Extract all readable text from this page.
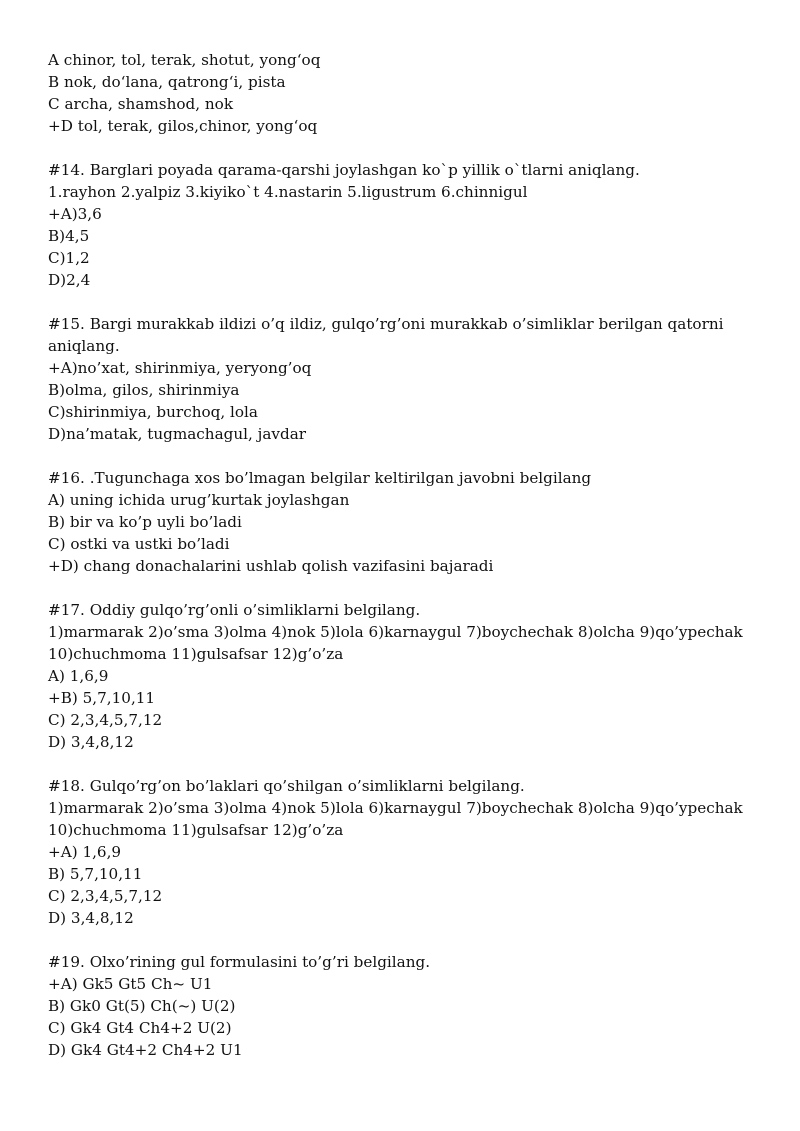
A chinor, tol, terak, shotut, yong‘oq
B nok, do‘lana, qatrong‘i, pista
C archa, shamshod, nok
+D tol, terak, gilos,chinor, yong‘oq
#14. Barglari poyada qarama-qarshi joylashgan ko`p yillik o`tlarni aniqlang.
1.rayhon 2.yalpiz 3.kiyiko`t 4.nastarin 5.ligustrum 6.chinnigul
+A)3,6
B)4,5
C)1,2
D)2,4
#15. Bargi murakkab ildizi o’q ildiz, gulqo’rg’oni murakkab o’simliklar berilgan qatorni
aniqlang.
+A)no’xat, shirinmiya, yeryong’oq
B)olma, gilos, shirinmiya
C)shirinmiya, burchoq, lola
D)na’matak, tugmachagul, javdar
#16. .Tugunchaga xos bo’lmagan belgilar keltirilgan javobni belgilang
A) uning ichida urug’kurtak joylashgan
B) bir va ko’p uyli bo’ladi
C) ostki va ustki bo’ladi
+D) chang donachalarini ushlab qolish vazifasini bajaradi
#17. Oddiy gulqo’rg’onli o’simliklarni belgilang.
1)marmarak 2)o’sma 3)olma 4)nok 5)lola 6)karnaygul 7)boychechak 8)olcha 9)qo’ypechak
10)chuchmoma 11)gulsafsar 12)g’o’za
A) 1,6,9
+B) 5,7,10,11
C) 2,3,4,5,7,12
D) 3,4,8,12
#18. Gulqo’rg’on bo’laklari qo’shilgan o’simliklarni belgilang.
1)marmarak 2)o’sma 3)olma 4)nok 5)lola 6)karnaygul 7)boychechak 8)olcha 9)qo’ypechak
10)chuchmoma 11)gulsafsar 12)g’o’za
+A) 1,6,9
B) 5,7,10,11
C) 2,3,4,5,7,12
D) 3,4,8,12
#19. Olxo’rining gul formulasini to’g’ri belgilang.
+A) Gk5 Gt5 Ch~ U1
B) Gk0 Gt(5) Ch(~) U(2)
C) Gk4 Gt4 Ch4+2 U(2)
D) Gk4 Gt4+2 Ch4+2 U1
